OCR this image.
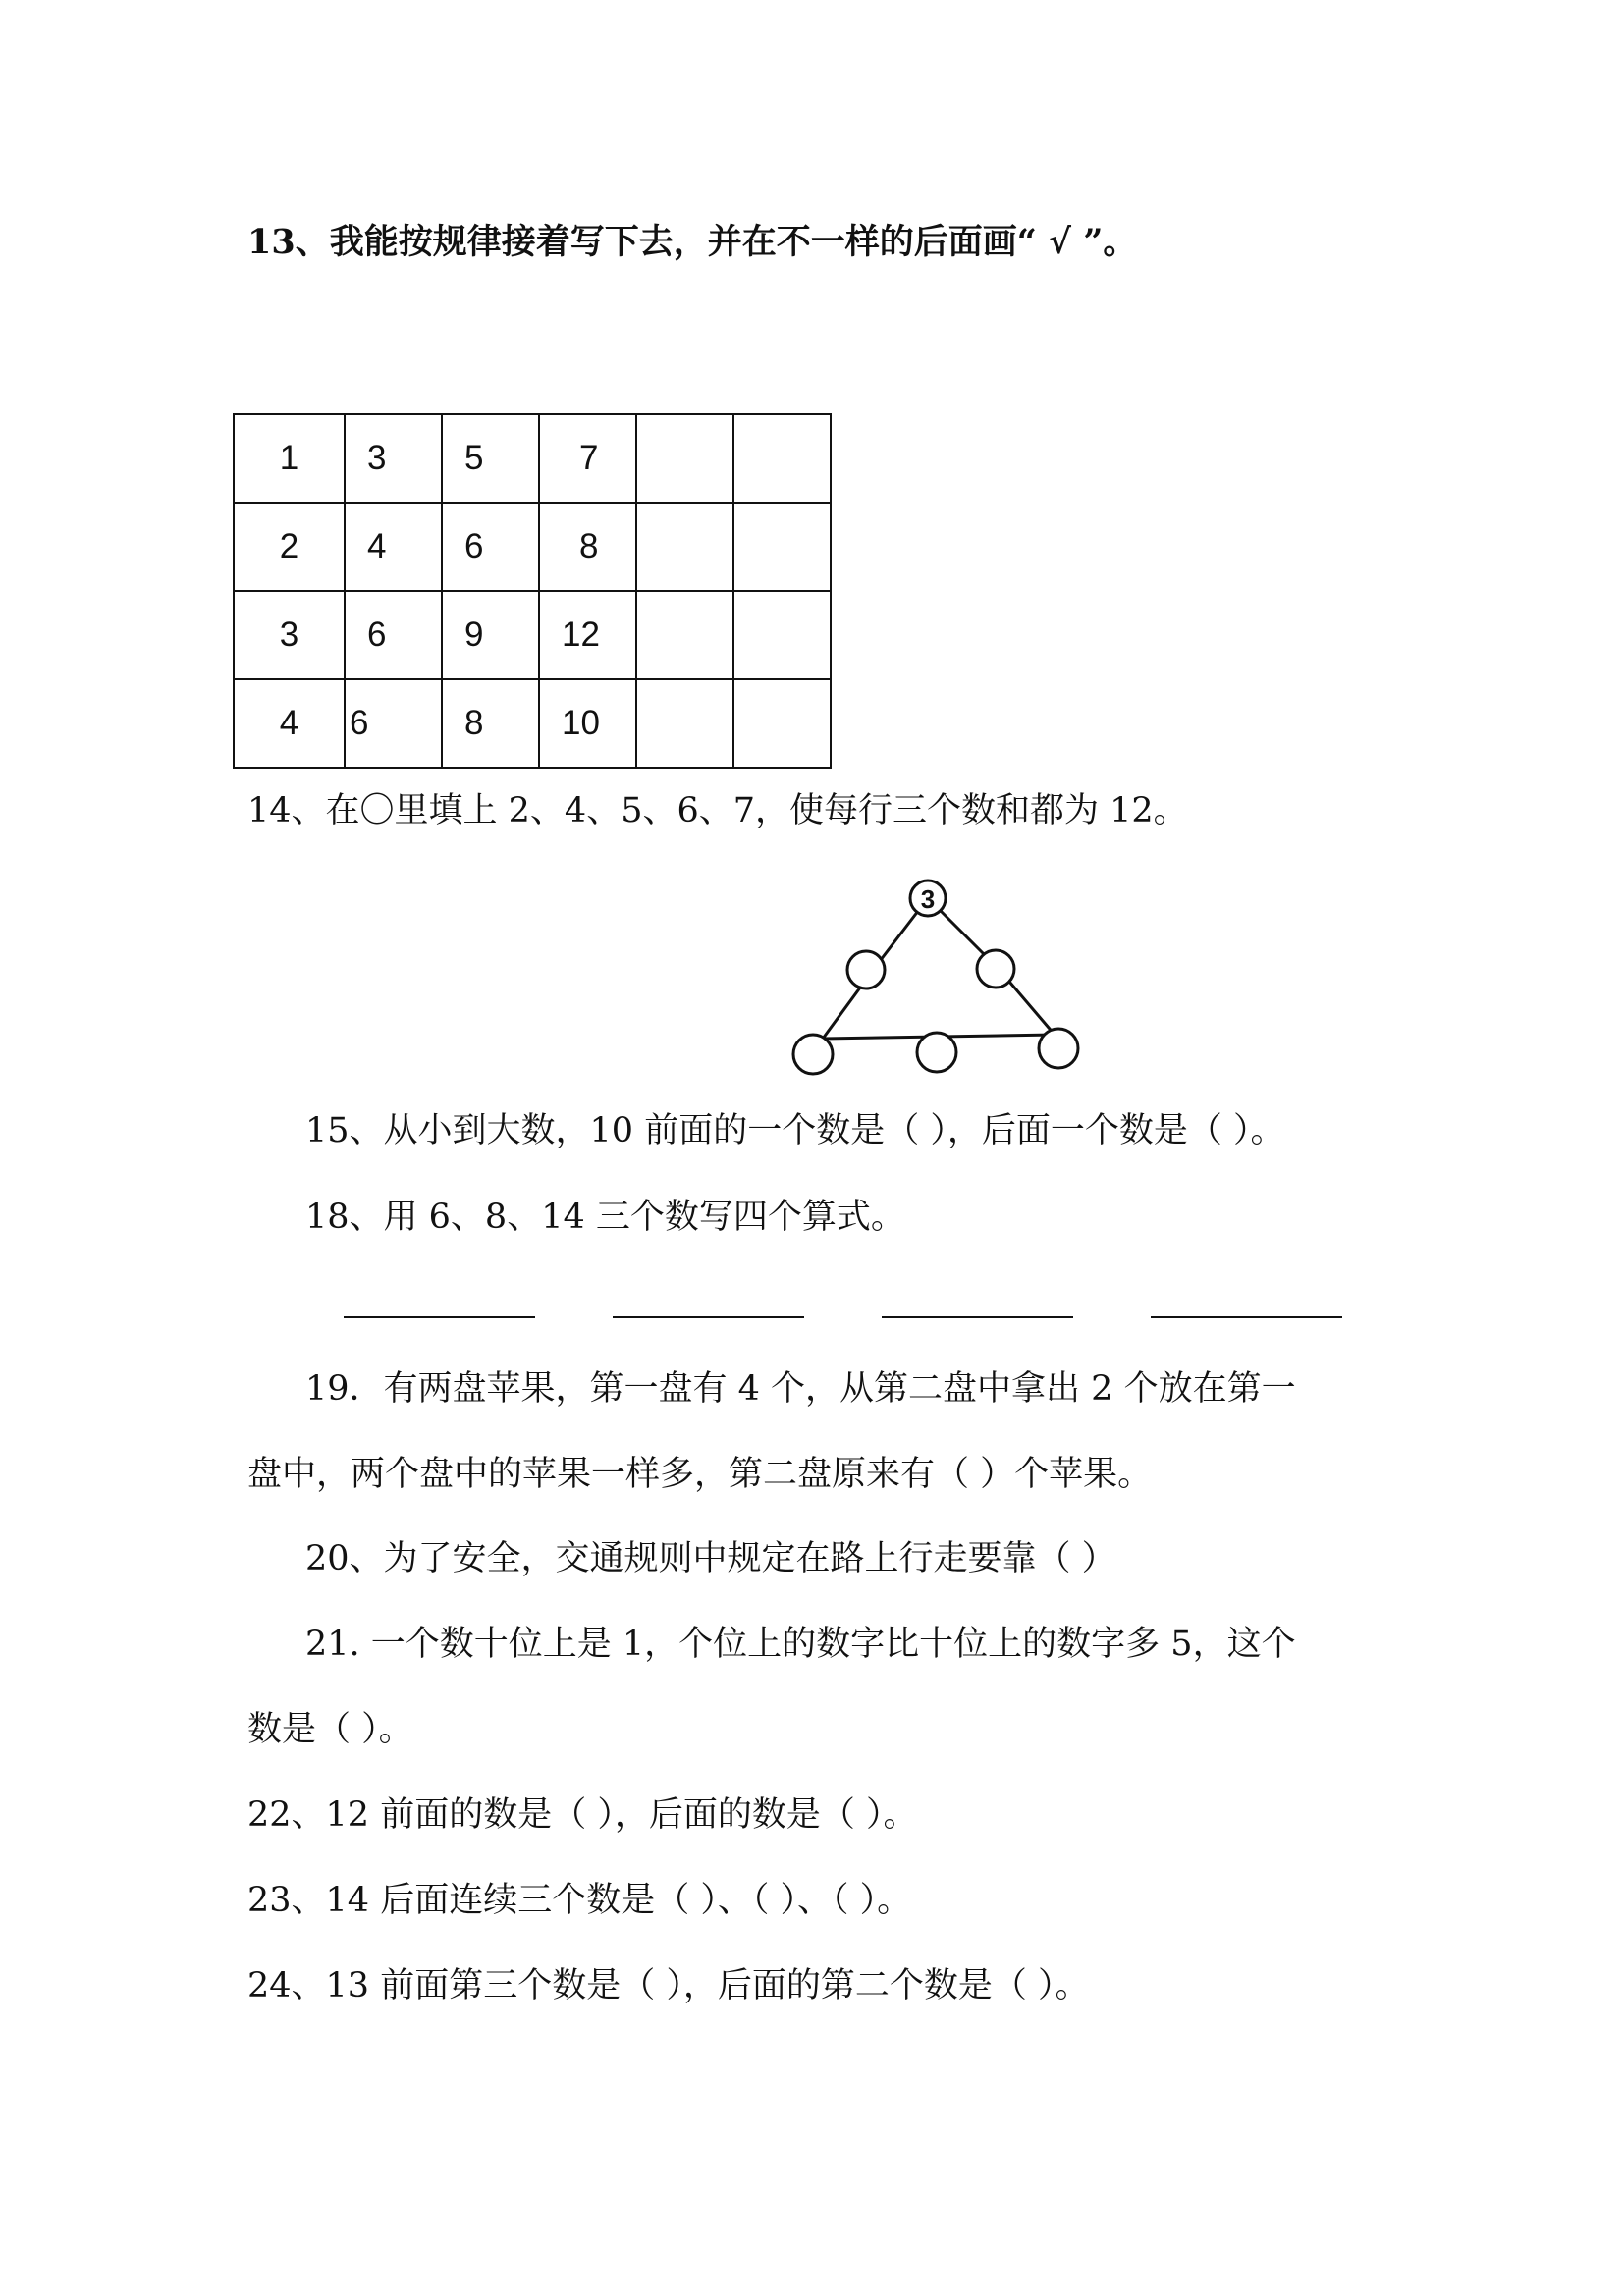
13、我能按规律接着写下去，并在不一样的后面画“ √ ”。
1	3	5	7		
2	4	6	8		
3	6	9	12		
4	6	8	10		
14、在〇里填上 2、4、5、6、7，使每行三个数和都为 12。
3
15、从小到大数，10 前面的一个数是（ ），后面一个数是（ ）。
18、用 6、8、14 三个数写四个算式。
19．有两盘苹果，第一盘有 4 个，从第二盘中拿出 2 个放在第一
盘中，两个盘中的苹果一样多，第二盘原来有（ ）个苹果。
20、为了安全，交通规则中规定在路上行走要靠（ ）
21. 一个数十位上是 1，个位上的数字比十位上的数字多 5，这个
数是（ ）。
22、12 前面的数是（ ），后面的数是（ ）。
23、14 后面连续三个数是（ ）、（ ）、（ ）。
24、13 前面第三个数是（ ），后面的第二个数是（ ）。
